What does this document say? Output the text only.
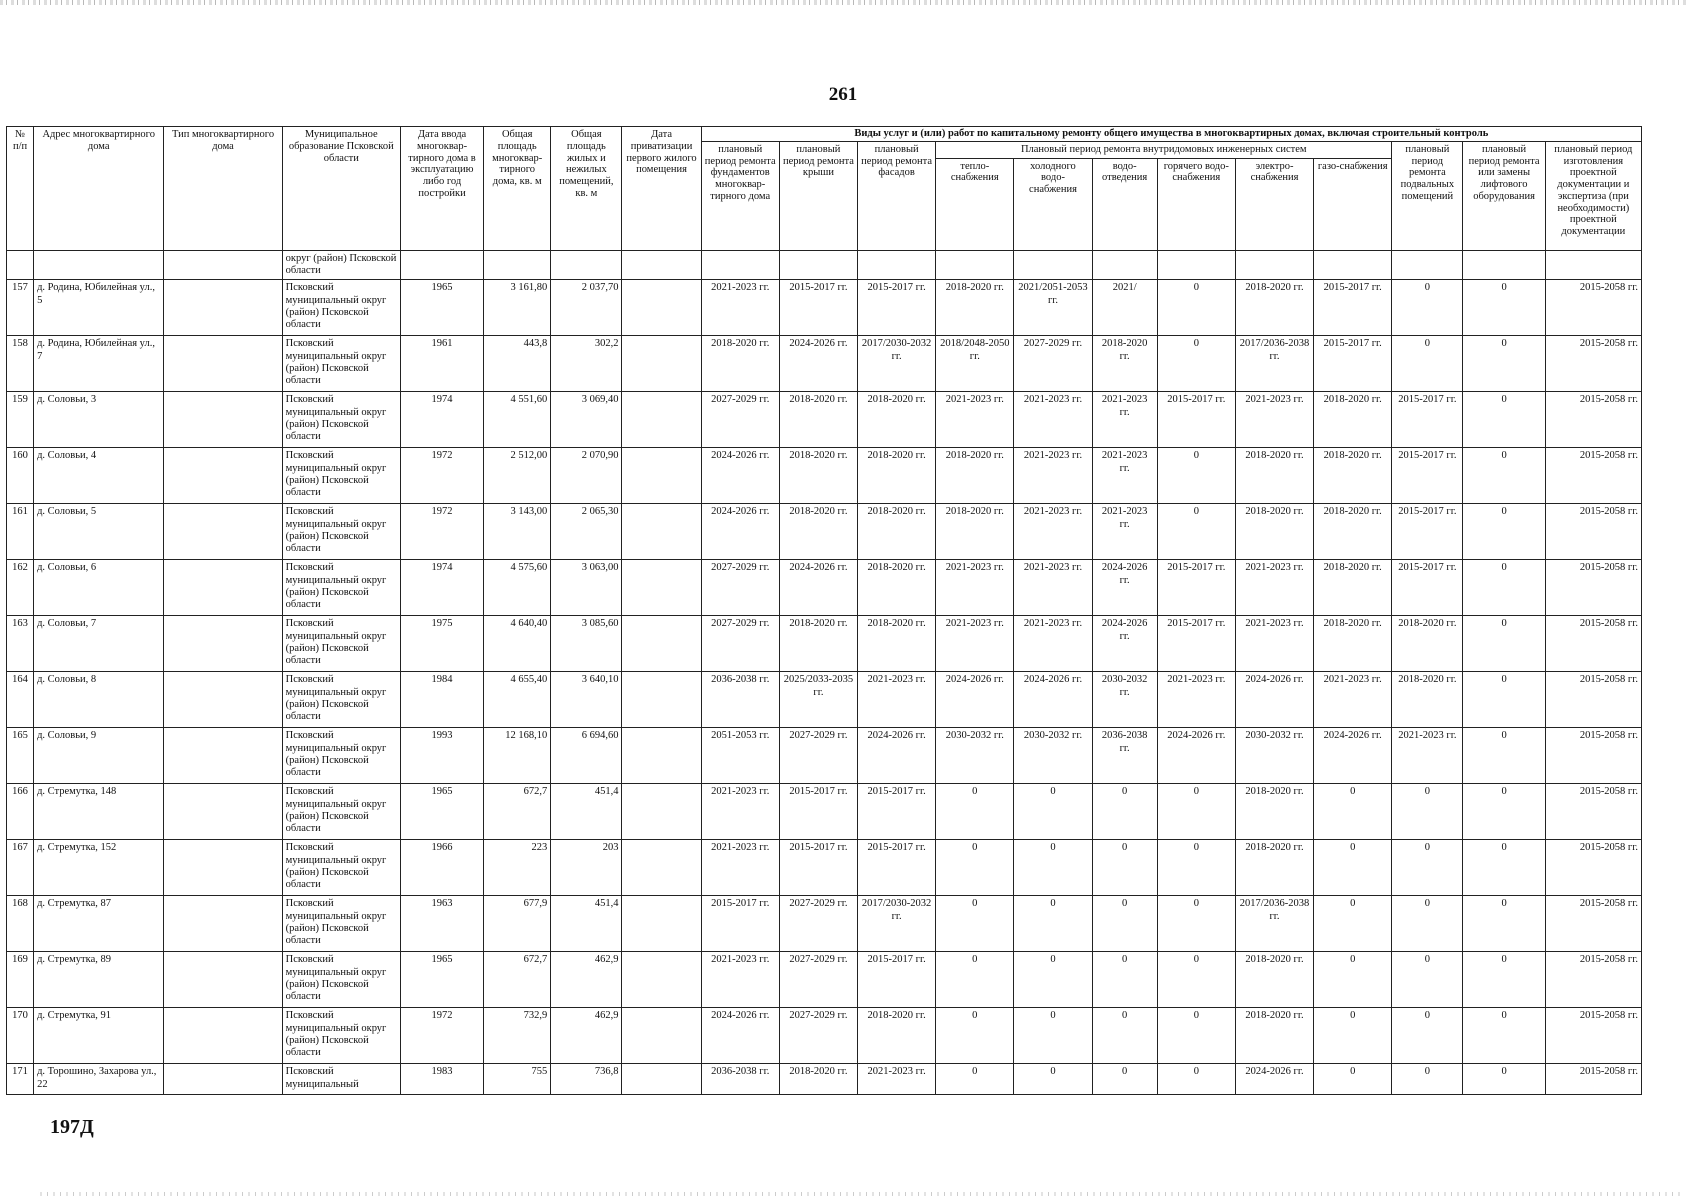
261
№ п/п	Адрес многоквартирного дома	Тип многоквартирного дома	Муниципальное образование Псковской области	Дата ввода многоквар-тирного дома в эксплуатацию либо год постройки	Общая площадь многоквар-тирного дома, кв. м	Общая площадь жилых и нежилых помещений, кв. м	Дата приватизации первого жилого помещения	Виды услуг и (или) работ по капитальному ремонту общего имущества в многоквартирных домах, включая строительный контроль											
								плановый период ремонта фундаментов многоквар-тирного дома	плановый период ремонта крыши	плановый период ремонта фасадов	Плановый период ремонта внутридомовых инженерных систем						плановый период ремонта подвальных помещений	плановый период ремонта или замены лифтового оборудования	плановый период изготовления проектной документации и экспертиза (при необходимости) проектной документации
											тепло-снабжения	холодного водо-снабжения	водо-отведения	горячего водо-снабжения	электро-снабжения	газо-снабжения			
			округ (район) Псковской области																
157	д. Родина, Юбилейная ул., 5		Псковский муниципальный округ (район) Псковской области	1965	3 161,80	2 037,70		2021-2023 гг.	2015-2017 гг.	2015-2017 гг.	2018-2020 гг.	2021/2051-2053 гг.	2021/	0	2018-2020 гг.	2015-2017 гг.	0	0	2015-2058 гг.
158	д. Родина, Юбилейная ул., 7		Псковский муниципальный округ (район) Псковской области	1961	443,8	302,2		2018-2020 гг.	2024-2026 гг.	2017/2030-2032 гг.	2018/2048-2050 гг.	2027-2029 гг.	2018-2020 гг.	0	2017/2036-2038 гг.	2015-2017 гг.	0	0	2015-2058 гг.
159	д. Соловьи, 3		Псковский муниципальный округ (район) Псковской области	1974	4 551,60	3 069,40		2027-2029 гг.	2018-2020 гг.	2018-2020 гг.	2021-2023 гг.	2021-2023 гг.	2021-2023 гг.	2015-2017 гг.	2021-2023 гг.	2018-2020 гг.	2015-2017 гг.	0	2015-2058 гг.
160	д. Соловьи, 4		Псковский муниципальный округ (район) Псковской области	1972	2 512,00	2 070,90		2024-2026 гг.	2018-2020 гг.	2018-2020 гг.	2018-2020 гг.	2021-2023 гг.	2021-2023 гг.	0	2018-2020 гг.	2018-2020 гг.	2015-2017 гг.	0	2015-2058 гг.
161	д. Соловьи, 5		Псковский муниципальный округ (район) Псковской области	1972	3 143,00	2 065,30		2024-2026 гг.	2018-2020 гг.	2018-2020 гг.	2018-2020 гг.	2021-2023 гг.	2021-2023 гг.	0	2018-2020 гг.	2018-2020 гг.	2015-2017 гг.	0	2015-2058 гг.
162	д. Соловьи, 6		Псковский муниципальный округ (район) Псковской области	1974	4 575,60	3 063,00		2027-2029 гг.	2024-2026 гг.	2018-2020 гг.	2021-2023 гг.	2021-2023 гг.	2024-2026 гг.	2015-2017 гг.	2021-2023 гг.	2018-2020 гг.	2015-2017 гг.	0	2015-2058 гг.
163	д. Соловьи, 7		Псковский муниципальный округ (район) Псковской области	1975	4 640,40	3 085,60		2027-2029 гг.	2018-2020 гг.	2018-2020 гг.	2021-2023 гг.	2021-2023 гг.	2024-2026 гг.	2015-2017 гг.	2021-2023 гг.	2018-2020 гг.	2018-2020 гг.	0	2015-2058 гг.
164	д. Соловьи, 8		Псковский муниципальный округ (район) Псковской области	1984	4 655,40	3 640,10		2036-2038 гг.	2025/2033-2035 гг.	2021-2023 гг.	2024-2026 гг.	2024-2026 гг.	2030-2032 гг.	2021-2023 гг.	2024-2026 гг.	2021-2023 гг.	2018-2020 гг.	0	2015-2058 гг.
165	д. Соловьи, 9		Псковский муниципальный округ (район) Псковской области	1993	12 168,10	6 694,60		2051-2053 гг.	2027-2029 гг.	2024-2026 гг.	2030-2032 гг.	2030-2032 гг.	2036-2038 гг.	2024-2026 гг.	2030-2032 гг.	2024-2026 гг.	2021-2023 гг.	0	2015-2058 гг.
166	д. Стремутка, 148		Псковский муниципальный округ (район) Псковской области	1965	672,7	451,4		2021-2023 гг.	2015-2017 гг.	2015-2017 гг.	0	0	0	0	2018-2020 гг.	0	0	0	2015-2058 гг.
167	д. Стремутка, 152		Псковский муниципальный округ (район) Псковской области	1966	223	203		2021-2023 гг.	2015-2017 гг.	2015-2017 гг.	0	0	0	0	2018-2020 гг.	0	0	0	2015-2058 гг.
168	д. Стремутка, 87		Псковский муниципальный округ (район) Псковской области	1963	677,9	451,4		2015-2017 гг.	2027-2029 гг.	2017/2030-2032 гг.	0	0	0	0	2017/2036-2038 гг.	0	0	0	2015-2058 гг.
169	д. Стремутка, 89		Псковский муниципальный округ (район) Псковской области	1965	672,7	462,9		2021-2023 гг.	2027-2029 гг.	2015-2017 гг.	0	0	0	0	2018-2020 гг.	0	0	0	2015-2058 гг.
170	д. Стремутка, 91		Псковский муниципальный округ (район) Псковской области	1972	732,9	462,9		2024-2026 гг.	2027-2029 гг.	2018-2020 гг.	0	0	0	0	2018-2020 гг.	0	0	0	2015-2058 гг.
171	д. Торошино, Захарова ул., 22		Псковский муниципальный	1983	755	736,8		2036-2038 гг.	2018-2020 гг.	2021-2023 гг.	0	0	0	0	2024-2026 гг.	0	0	0	2015-2058 гг.
197Д
